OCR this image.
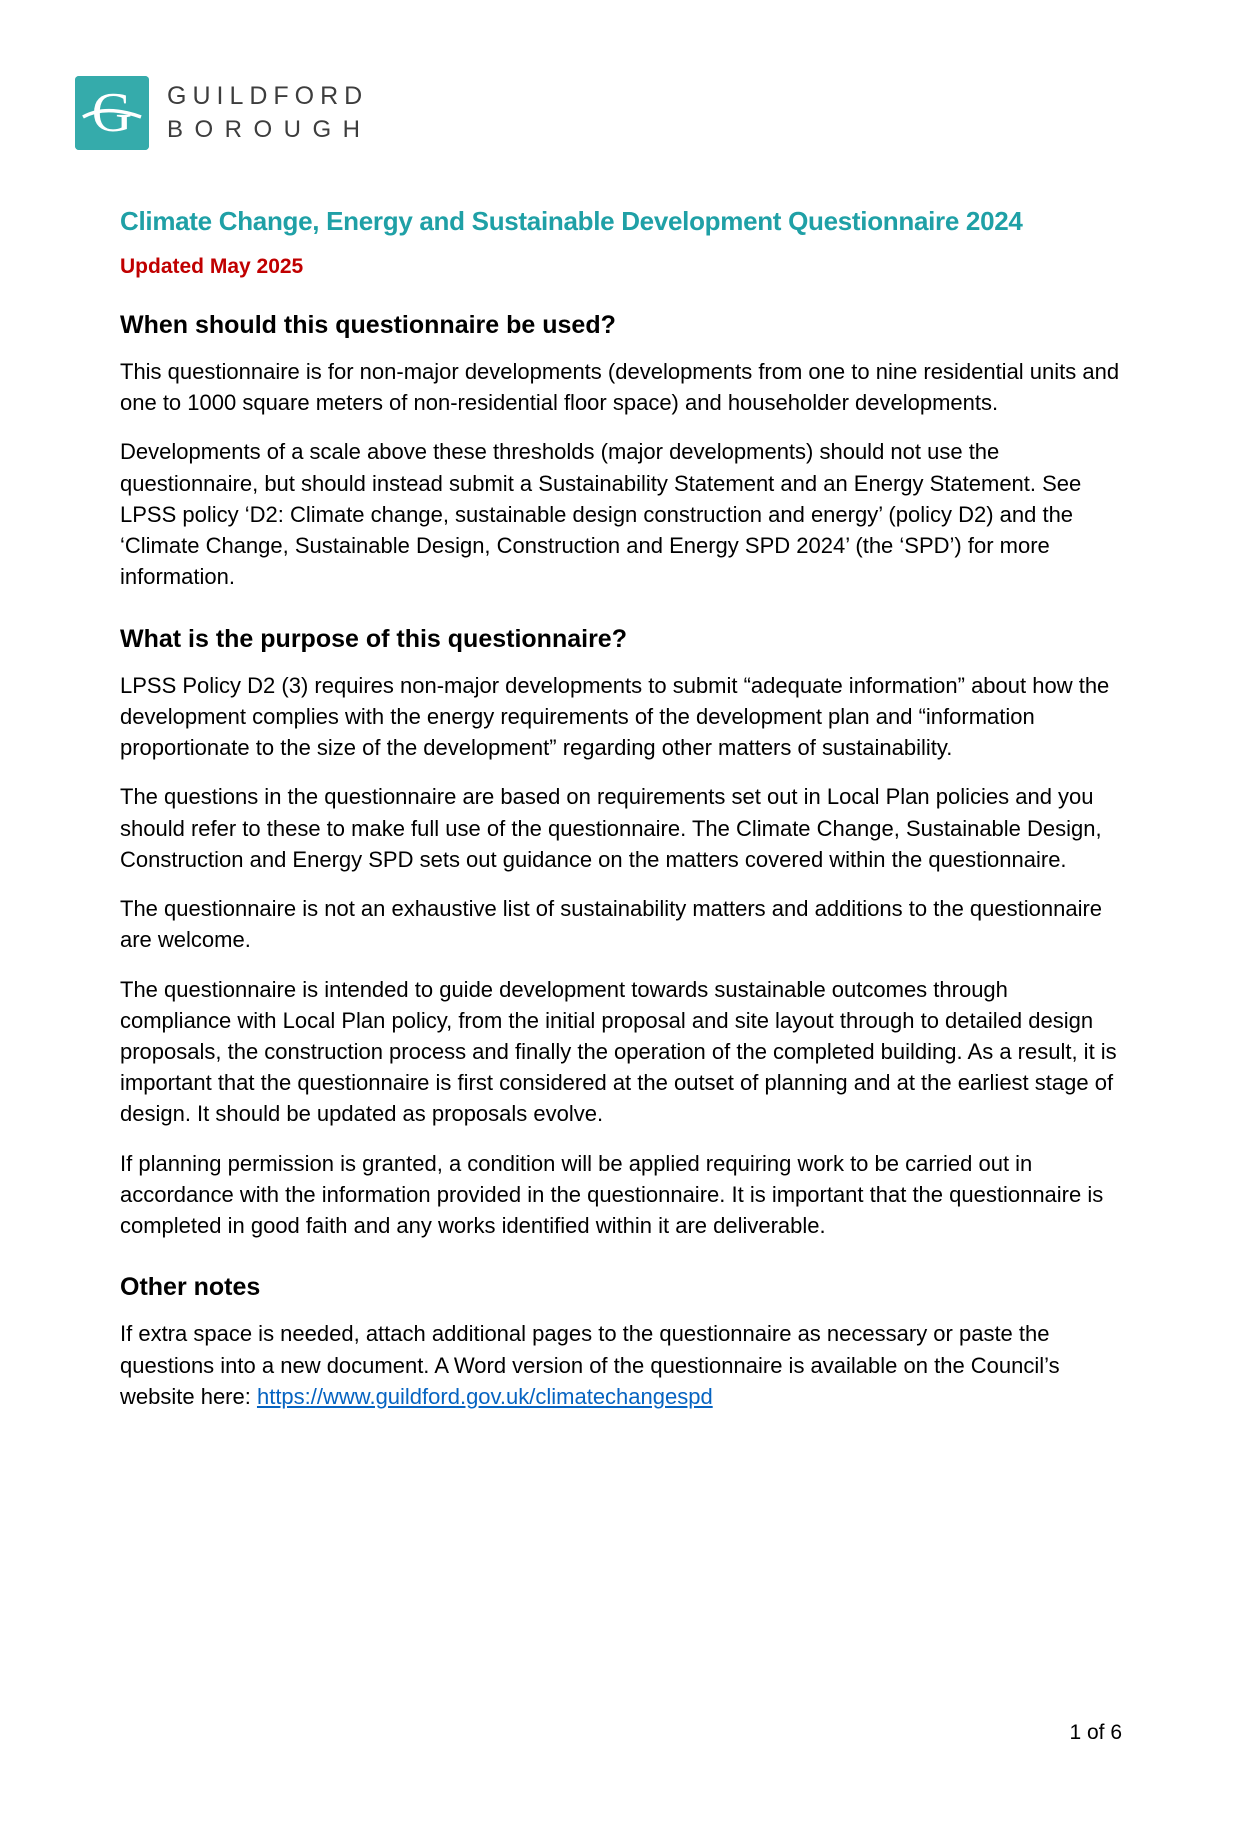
G GUILDFORD
BOROUGH
Climate Change, Energy and Sustainable Development Questionnaire 2024

Updated May 2025

When should this questionnaire be used?

This questionnaire is for non-major developments (developments from one to nine residential units and one to 1000 square meters of non-residential floor space) and householder developments.

Developments of a scale above these thresholds (major developments) should not use the questionnaire, but should instead submit a Sustainability Statement and an Energy Statement. See LPSS policy ‘D2: Climate change, sustainable design construction and energy’ (policy D2) and the ‘Climate Change, Sustainable Design, Construction and Energy SPD 2024’ (the ‘SPD’) for more information.

What is the purpose of this questionnaire?

LPSS Policy D2 (3) requires non-major developments to submit “adequate information” about how the development complies with the energy requirements of the development plan and “information proportionate to the size of the development” regarding other matters of sustainability.

The questions in the questionnaire are based on requirements set out in Local Plan policies and you should refer to these to make full use of the questionnaire. The Climate Change, Sustainable Design, Construction and Energy SPD sets out guidance on the matters covered within the questionnaire.

The questionnaire is not an exhaustive list of sustainability matters and additions to the questionnaire are welcome.

The questionnaire is intended to guide development towards sustainable outcomes through compliance with Local Plan policy, from the initial proposal and site layout through to detailed design proposals, the construction process and finally the operation of the completed building. As a result, it is important that the questionnaire is first considered at the outset of planning and at the earliest stage of design. It should be updated as proposals evolve.

If planning permission is granted, a condition will be applied requiring work to be carried out in accordance with the information provided in the questionnaire. It is important that the questionnaire is completed in good faith and any works identified within it are deliverable.

Other notes

If extra space is needed, attach additional pages to the questionnaire as necessary or paste the questions into a new document. A Word version of the questionnaire is available on the Council’s website here: https://www.guildford.gov.uk/climatechangespd

1 of 6
